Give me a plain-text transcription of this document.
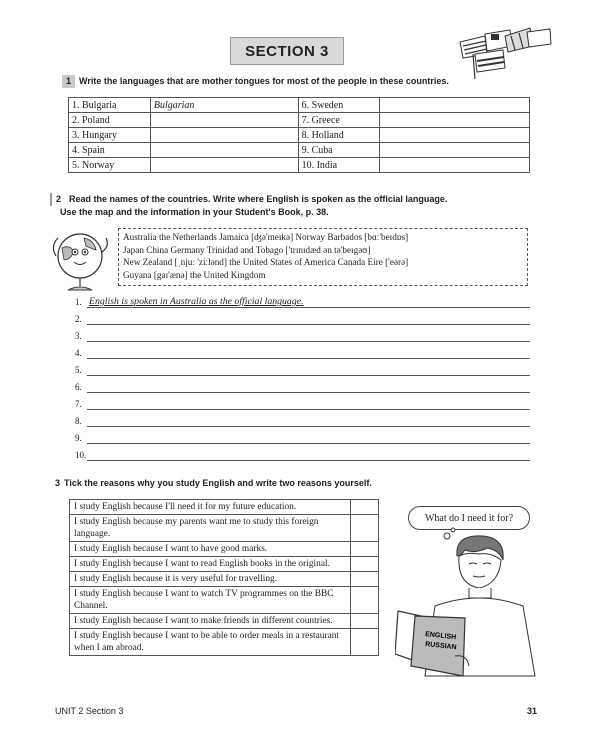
SECTION 3
1 Write the languages that are mother tongues for most of the people in these countries.
1. Bulgaria	Bulgarian	6. Sweden	
2. Poland		7. Greece	
3. Hungary		8. Holland	
4. Spain		9. Cuba	
5. Norway		10. India	
2 Read the names of the countries. Write where English is spoken as the official language.
Use the map and the information in your Student's Book, p. 38.
Australia the Netherlands Jamaica [ʤə'meɪkə] Norway Barbados [bɑː'beɪdɒs]
Japan China Germany Trinidad and Tobago ['trɪnɪdæd ən tə'beɪgəʊ]
New Zealand [ˌnjuː 'ziːlənd] the United States of America Canada Eire ['eərə]
Guyana [gaɪ'ænə] the United Kingdom
1. English is spoken in Australia as the official language.
2.
3.
4.
5.
6.
7.
8.
9.
10.
3 Tick the reasons why you study English and write two reasons yourself.
I study English because I'll need it for my future education.	
I study English because my parents want me to study this foreign language.	
I study English because I want to have good marks.	
I study English because I want to read English books in the original.	
I study English because it is very useful for travelling.	
I study English because I want to watch TV programmes on the BBC Channel.	
I study English because I want to make friends in different countries.	
I study English because I want to be able to order meals in a restaurant when I am abroad.	
What do I need it for?
ENGLISH
RUSSIAN
UNIT 2 Section 3	31
